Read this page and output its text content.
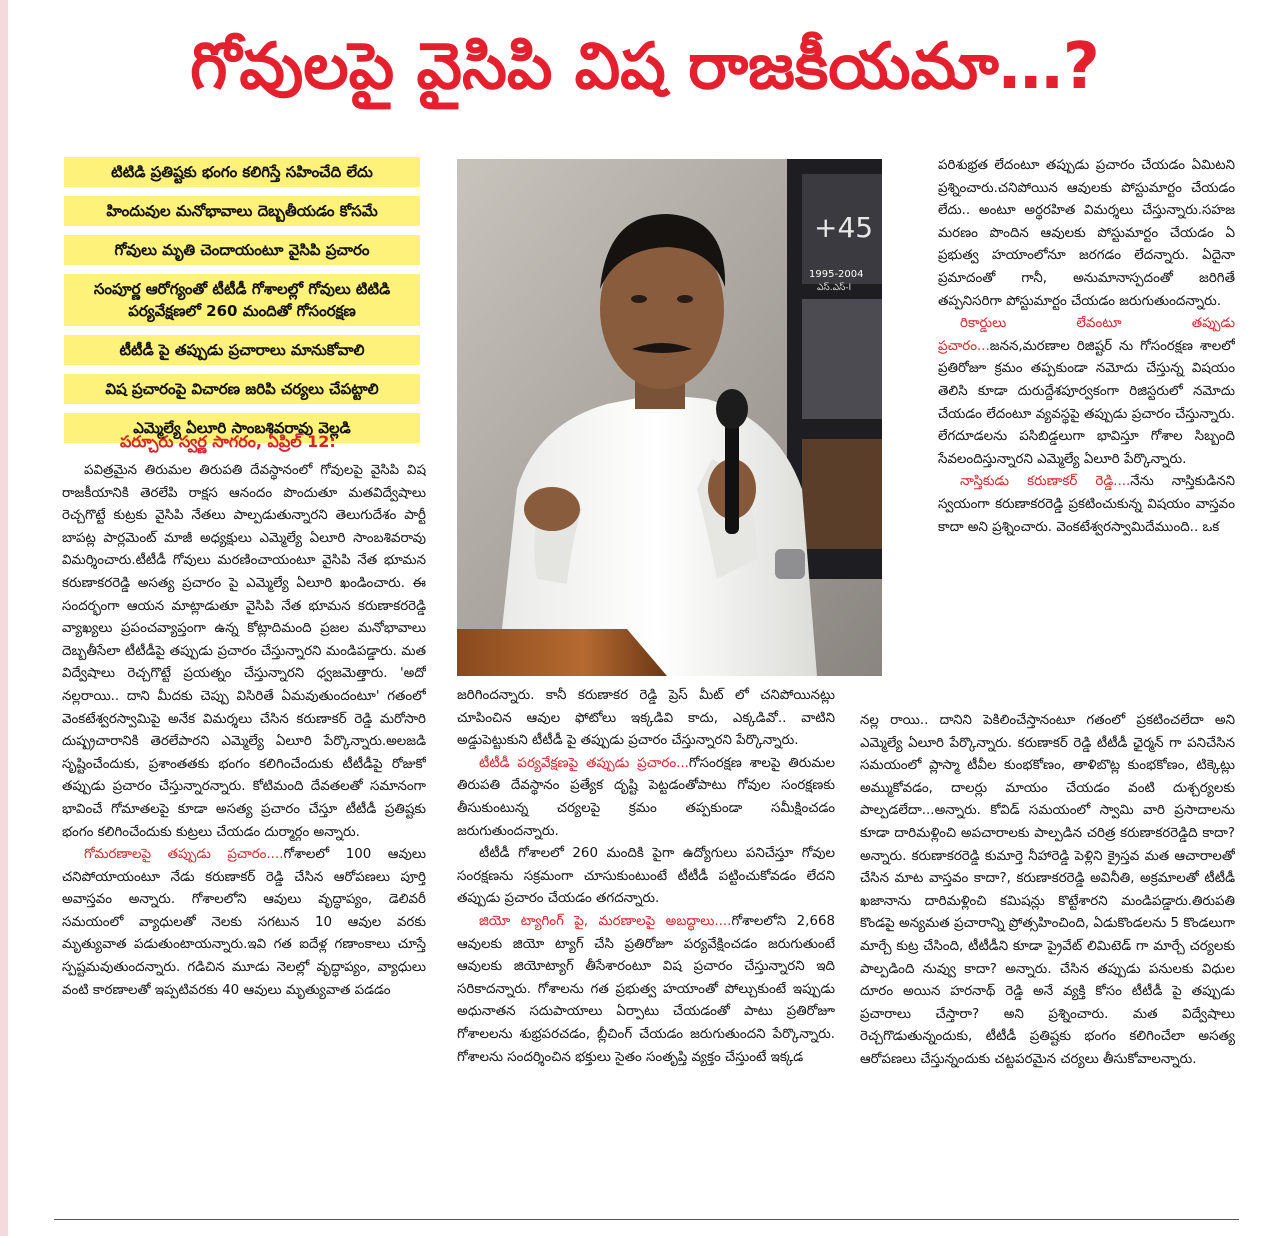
గోవులపై వైసిపి విష రాజకీయమా…?
టిటిడి ప్రతిష్టకు భంగం కలిగిస్తే సహించేది లేదు
హిందువుల మనోభావాలు దెబ్బతీయడం కోసమే
గోవులు మృతి చెందాయంటూ వైసిపి ప్రచారం
సంపూర్ణ ఆరోగ్యంతో టీటీడీ గోశాలల్లో గోవులు టిటిడి పర్యవేక్షణలో 260 మందితో గోసంరక్షణ
టీటీడీ పై తప్పుడు ప్రచారాలు మానుకోవాలి
విష ప్రచారంపై విచారణ జరిపి చర్యలు చేపట్టాలి
ఎమ్మెల్యే ఏలూరి సాంబశివరావు వెల్లడి
పర్చూరు స్వర్ణ సాగరం, ఏప్రిల్ 12:
+45
1995-2004
ఎస్.ఎస్-I

పవిత్రమైన తిరుమల తిరుపతి దేవస్థానంలో గోవులపై వైసిపి విష రాజకీయానికి తెరలేపి రాక్షస ఆనందం పొందుతూ మతవిద్వేషాలు రెచ్చగొట్టే కుట్రకు వైసిపి నేతలు పాల్పడుతున్నారని తెలుగుదేశం పార్టీ బాపట్ల పార్లమెంట్ మాజీ అధ్యక్షులు ఎమ్మెల్యే ఏలూరి సాంబశివరావు విమర్శించారు.టీటీడీ గోవులు మరణించాయంటూ వైసిపి నేత భూమన కరుణాకరరెడ్డి అసత్య ప్రచారం పై ఎమ్మెల్యే ఏలూరి ఖండించారు. ఈ సందర్భంగా ఆయన మాట్లాడుతూ వైసిపి నేత భూమన కరుణాకరరెడ్డి వ్యాఖ్యలు ప్రపంచవ్యాప్తంగా ఉన్న కోట్లాదిమంది ప్రజల మనోభావాలు దెబ్బతీసేలా టీటీడీపై తప్పుడు ప్రచారం చేస్తున్నారని మండిపడ్డారు. మత విద్వేషాలు రెచ్చగొట్టే ప్రయత్నం చేస్తున్నారని ధ్వజమెత్తారు. 'అదో నల్లరాయి.. దాని మీదకు చెప్పు విసిరితే ఏమవుతుందంటూ' గతంలో వెంకటేశ్వరస్వామిపై అనేక విమర్శలు చేసిన కరుణాకర్ రెడ్డి మరోసారి దుష్ప్రచారానికి తెరలేపారని ఎమ్మెల్యే ఏలూరి పేర్కొన్నారు.అలజడి సృష్టించేందుకు, ప్రశాంతతకు భంగం కలిగించేందుకు టీటీడీపై రోజుకో తప్పుడు ప్రచారం చేస్తున్నారన్నారు. కోటిమంది దేవతలతో సమానంగా భావించే గోమాతలపై కూడా అసత్య ప్రచారం చేస్తూ టీటీడీ ప్రతిష్టకు భంగం కలిగించేందుకు కుట్రలు చేయడం దుర్మార్గం అన్నారు.

గోమరణాలపై తప్పుడు ప్రచారం....గోశాలలో 100 ఆవులు చనిపోయాయంటూ నేడు కరుణాకర్ రెడ్డి చేసిన ఆరోపణలు పూర్తి అవాస్తవం అన్నారు. గోశాలలోని ఆవులు వృద్ధాప్యం, డెలివరీ సమయంలో వ్యాధులతో నెలకు సగటున 10 ఆవుల వరకు మృత్యువాత పడుతుంటాయన్నారు.ఇవి గత ఐదేళ్ల గణాంకాలు చూస్తే స్పష్టమవుతుందన్నారు. గడిచిన మూడు నెలల్లో వృద్ధాప్యం, వ్యాధులు వంటి కారణాలతో ఇప్పటివరకు 40 ఆవులు మృత్యువాత పడడం

జరిగిందన్నారు. కానీ కరుణాకర రెడ్డి ప్రెస్ మీట్ లో చనిపోయినట్లు చూపించిన ఆవుల ఫోటోలు ఇక్కడివి కాదు, ఎక్కడివో.. వాటిని అడ్డుపెట్టుకుని టీటీడీ పై తప్పుడు ప్రచారం చేస్తున్నారని పేర్కొన్నారు.

టీటీడీ పర్యవేక్షణపై తప్పుడు ప్రచారం...గోసంరక్షణ శాలపై తిరుమల తిరుపతి దేవస్థానం ప్రత్యేక దృష్టి పెట్టడంతోపాటు గోవుల సంరక్షణకు తీసుకుంటున్న చర్యలపై క్రమం తప్పకుండా సమీక్షించడం జరుగుతుందన్నారు.

టీటీడీ గోశాలలో 260 మందికి పైగా ఉద్యోగులు పనిచేస్తూ గోవుల సంరక్షణను సక్రమంగా చూసుకుంటుంటే టీటీడీ పట్టించుకోవడం లేదని తప్పుడు ప్రచారం చేయడం తగదన్నారు.

జియో ట్యాగింగ్ పై, మరణాలపై అబద్ధాలు....గోశాలలోని 2,668 ఆవులకు జియో ట్యాగ్ చేసి ప్రతిరోజూ పర్యవేక్షించడం జరుగుతుంటే ఆవులకు జియోట్యాగ్ తీసేశారంటూ విష ప్రచారం చేస్తున్నారని ఇది సరికాదన్నారు. గోశాలను గత ప్రభుత్వ హయాంతో పోల్చుకుంటే ఇప్పుడు అధునాతన సదుపాయాలు ఏర్పాటు చేయడంతో పాటు ప్రతిరోజూ గోశాలలను శుభ్రపరచడం, బ్లీచింగ్ చేయడం జరుగుతుందని పేర్కొన్నారు. గోశాలను సందర్శించిన భక్తులు సైతం సంతృప్తి వ్యక్తం చేస్తుంటే ఇక్కడ

పరిశుభ్రత లేదంటూ తప్పుడు ప్రచారం చేయడం ఏమిటని ప్రశ్నించారు.చనిపోయిన ఆవులకు పోస్టుమార్టం చేయడం లేదు.. అంటూ అర్థరహిత విమర్శలు చేస్తున్నారు.సహజ మరణం పొందిన ఆవులకు పోస్టుమార్టం చేయడం ఏ ప్రభుత్వ హయాంలోనూ జరగడం లేదన్నారు. ఏదైనా ప్రమాదంతో గానీ, అనుమానాస్పదంతో జరిగితే తప్పనిసరిగా పోస్టుమార్టం చేయడం జరుగుతుందన్నారు.

రికార్డులు లేవంటూ తప్పుడు ప్రచారం...జనన,మరణాల రిజిష్టర్ ను గోసంరక్షణ శాలలో ప్రతిరోజూ క్రమం తప్పకుండా నమోదు చేస్తున్న విషయం తెలిసి కూడా దురుద్దేశపూర్వకంగా రిజిస్టరులో నమోదు చేయడం లేదంటూ వ్యవస్థపై తప్పుడు ప్రచారం చేస్తున్నారు. లేగదూడలను పసిబిడ్డలుగా భావిస్తూ గోశాల సిబ్బంది సేవలందిస్తున్నారని ఎమ్మెల్యే ఏలూరి పేర్కొన్నారు.

నాస్తికుడు కరుణాకర్ రెడ్డి....నేను నాస్తికుడినని స్వయంగా కరుణాకరరెడ్డి ప్రకటించుకున్న విషయం వాస్తవం కాదా అని ప్రశ్నించారు. వెంకటేశ్వరస్వామిదేముంది.. ఒక

నల్ల రాయి.. దానిని పెకిలించేస్తానంటూ గతంలో ప్రకటించలేదా అని ఎమ్మెల్యే ఏలూరి పేర్కొన్నారు. కరుణాకర్ రెడ్డి టీటీడీ ఛైర్మన్ గా పనిచేసిన సమయంలో ప్లాస్మా టీవీల కుంభకోణం, తాళిబొట్ల కుంభకోణం, టిక్కెట్లు అమ్ముకోవడం, దాలర్లు మాయం చేయడం వంటి దుశ్చర్యలకు పాల్పడలేదా...అన్నారు. కోవిడ్ సమయంలో స్వామి వారి ప్రసాదాలను కూడా దారిమళ్లించి అపచారాలకు పాల్పడిన చరిత్ర కరుణాకరరెడ్డిది కాదా? అన్నారు. కరుణాకరరెడ్డి కుమార్తె నీహారెడ్డి పెళ్లిని క్రైస్తవ మత ఆచారాలతో చేసిన మాట వాస్తవం కాదా?, కరుణాకరరెడ్డి అవినీతి, అక్రమాలతో టీటీడీ ఖజానాను దారిమళ్లించి కమిషన్లు కొట్టేశారని మండిపడ్డారు.తిరుపతి కొండపై అన్యమత ప్రచారాన్ని ప్రోత్సహించింది, ఏడుకొండలను 5 కొండలుగా మార్చే కుట్ర చేసింది, టీటీడీని కూడా ప్రైవేట్ లిమిటెడ్ గా మార్చే చర్యలకు పాల్పడింది నువ్వు కాదా? అన్నారు. చేసిన తప్పుడు పనులకు విధుల దూరం అయిన హరనాథ్ రెడ్డి అనే వ్యక్తి కోసం టీటీడీ పై తప్పుడు ప్రచారాలు చేస్తారా? అని ప్రశ్నించారు. మత విద్వేషాలు రెచ్చగొడుతున్నందుకు, టీటీడీ ప్రతిష్టకు భంగం కలిగించేలా అసత్య ఆరోపణలు చేస్తున్నందుకు చట్టపరమైన చర్యలు తీసుకోవాలన్నారు.
